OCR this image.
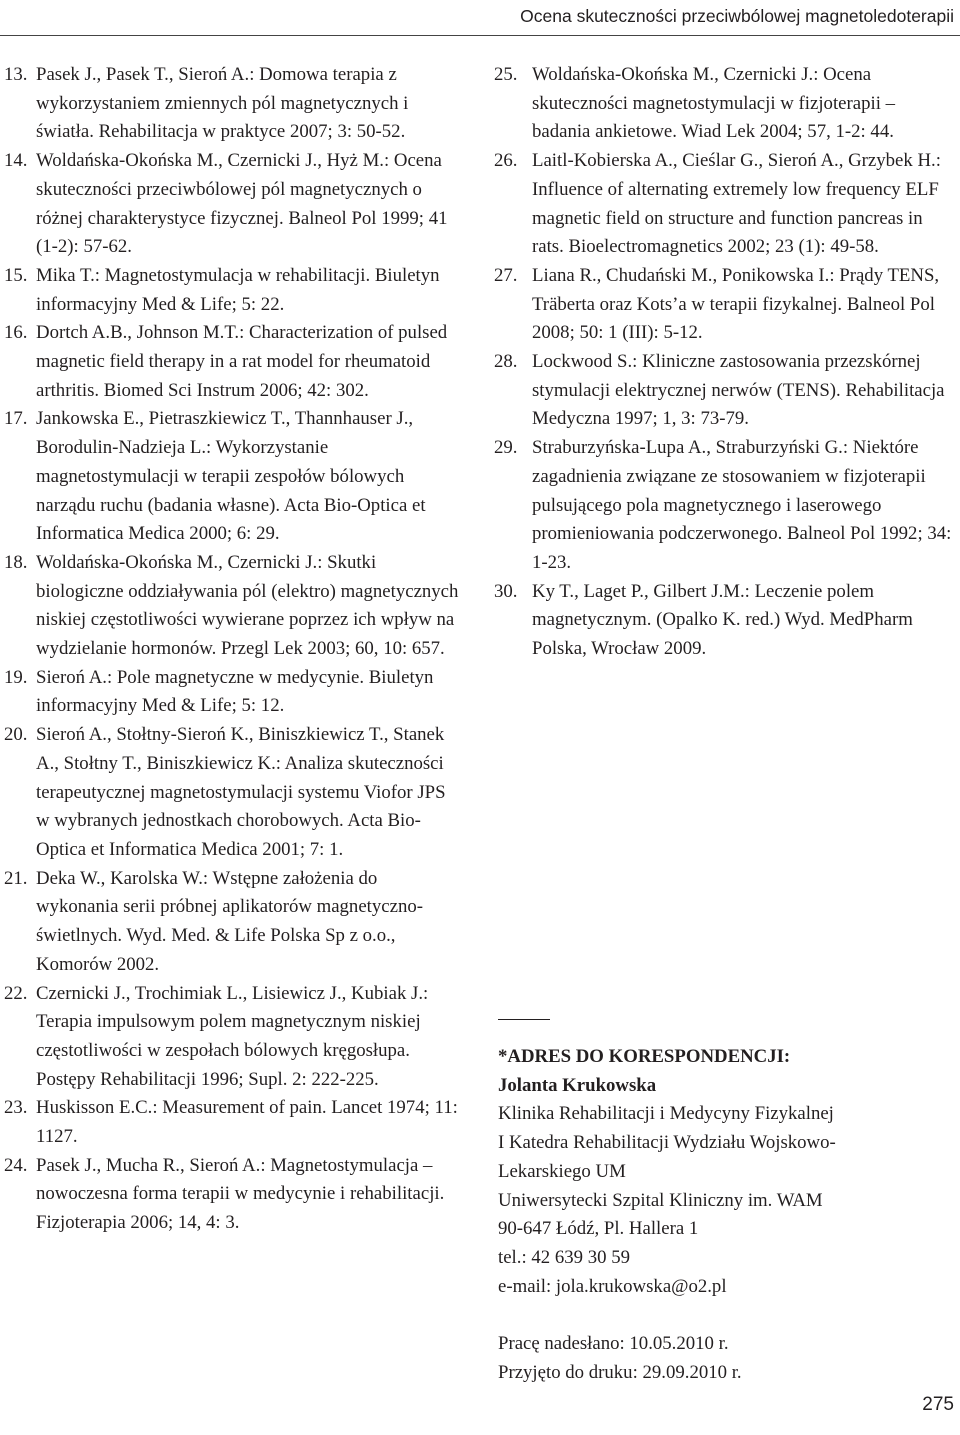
Ocena skuteczności przeciwbólowej magnetoledoterapii
13. Pasek J., Pasek T., Sieroń A.: Domowa terapia z wykorzystaniem zmiennych pól magnetycznych i światła. Rehabilitacja w praktyce 2007; 3: 50-52.
14. Woldańska-Okońska M., Czernicki J., Hyż M.: Ocena skuteczności przeciwbólowej pól magnetycznych o różnej charakterystyce fizycznej. Balneol Pol 1999; 41 (1-2): 57-62.
15. Mika T.: Magnetostymulacja w rehabilitacji. Biuletyn informacyjny Med & Life; 5: 22.
16. Dortch A.B., Johnson M.T.: Characterization of pulsed magnetic field therapy in a rat model for rheumatoid arthritis. Biomed Sci Instrum 2006; 42: 302.
17. Jankowska E., Pietraszkiewicz T., Thannhauser J., Borodulin-Nadzieja L.: Wykorzystanie magnetostymulacji w terapii zespołów bólowych narządu ruchu (badania własne). Acta Bio-Optica et Informatica Medica 2000; 6: 29.
18. Woldańska-Okońska M., Czernicki J.: Skutki biologiczne oddziaływania pól (elektro) magnetycznych niskiej częstotliwości wywierane poprzez ich wpływ na wydzielanie hormonów. Przegl Lek 2003; 60, 10: 657.
19. Sieroń A.: Pole magnetyczne w medycynie. Biuletyn informacyjny Med & Life; 5: 12.
20. Sieroń A., Stołtny-Sieroń K., Biniszkiewicz T., Stanek A., Stołtny T., Biniszkiewicz K.: Analiza skuteczności terapeutycznej magnetostymulacji systemu Viofor JPS w wybranych jednostkach chorobowych. Acta Bio-Optica et Informatica Medica 2001; 7: 1.
21. Deka W., Karolska W.: Wstępne założenia do wykonania serii próbnej aplikatorów magnetyczno-świetlnych. Wyd. Med. & Life Polska Sp z o.o., Komorów 2002.
22. Czernicki J., Trochimiak L., Lisiewicz J., Kubiak J.: Terapia impulsowym polem magnetycznym niskiej częstotliwości w zespołach bólowych kręgosłupa. Postępy Rehabilitacji 1996; Supl. 2: 222-225.
23. Huskisson E.C.: Measurement of pain. Lancet 1974; 11: 1127.
24. Pasek J., Mucha R., Sieroń A.: Magnetostymulacja – nowoczesna forma terapii w medycynie i rehabilitacji. Fizjoterapia 2006; 14, 4: 3.
25. Woldańska-Okońska M., Czernicki J.: Ocena skuteczności magnetostymulacji w fizjoterapii – badania ankietowe. Wiad Lek 2004; 57, 1-2: 44.
26. Laitl-Kobierska A., Cieślar G., Sieroń A., Grzybek H.: Influence of alternating extremely low frequency ELF magnetic field on structure and function pancreas in rats. Bioelectromagnetics 2002; 23 (1): 49-58.
27. Liana R., Chudański M., Ponikowska I.: Prądy TENS, Träberta oraz Kots’a w terapii fizykalnej. Balneol Pol 2008; 50: 1 (III): 5-12.
28. Lockwood S.: Kliniczne zastosowania przezskórnej stymulacji elektrycznej nerwów (TENS). Rehabilitacja Medyczna 1997; 1, 3: 73-79.
29. Straburzyńska-Lupa A., Straburzyński G.: Niektóre zagadnienia związane ze stosowaniem w fizjoterapii pulsującego pola magnetycznego i laserowego promieniowania podczerwonego. Balneol Pol 1992; 34: 1-23.
30. Ky T., Laget P., Gilbert J.M.: Leczenie polem magnetycznym. (Opalko K. red.) Wyd. MedPharm Polska, Wrocław 2009.
*ADRES DO KORESPONDENCJI:
Jolanta Krukowska
Klinika Rehabilitacji i Medycyny Fizykalnej
I Katedra Rehabilitacji Wydziału Wojskowo-
Lekarskiego UM
Uniwersytecki Szpital Kliniczny im. WAM
90-647 Łódź, Pl. Hallera 1
tel.: 42 639 30 59
e-mail: jola.krukowska@o2.pl
Pracę nadesłano: 10.05.2010 r.
Przyjęto do druku: 29.09.2010 r.
275
